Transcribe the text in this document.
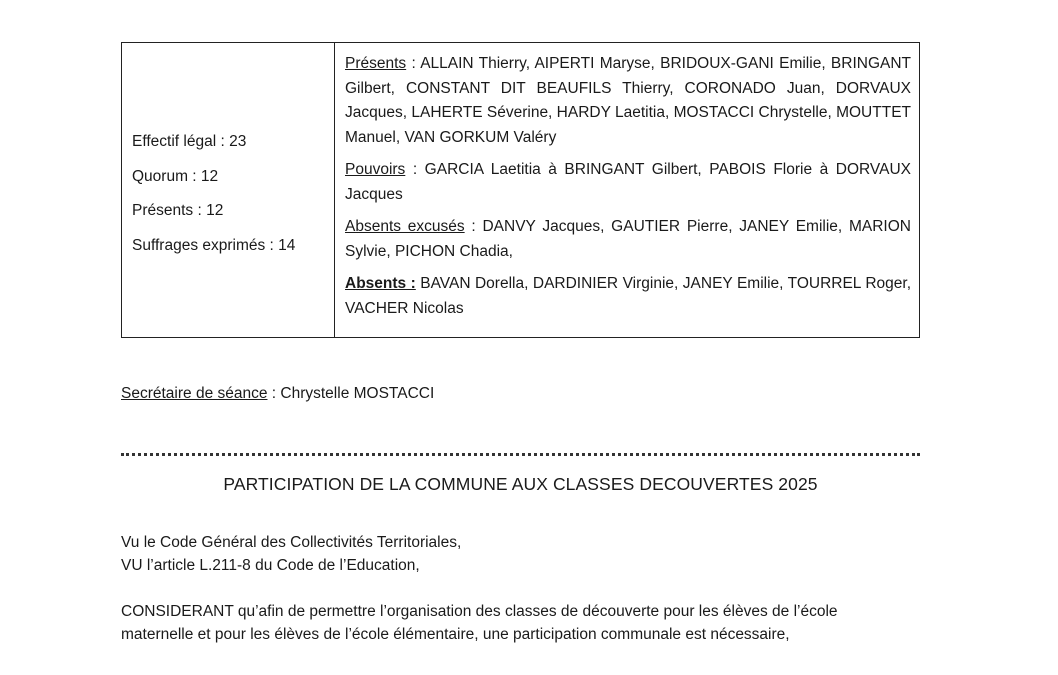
Effectif légal : 23
Quorum : 12
Présents : 12
Suffrages exprimés : 14

Présents : ALLAIN Thierry, AIPERTI Maryse, BRIDOUX-GANI Emilie, BRINGANT Gilbert, CONSTANT DIT BEAUFILS Thierry, CORONADO Juan, DORVAUX Jacques, LAHERTE Séverine, HARDY Laetitia, MOSTACCI Chrystelle, MOUTTET Manuel, VAN GORKUM Valéry

Pouvoirs : GARCIA Laetitia à BRINGANT Gilbert, PABOIS Florie à DORVAUX Jacques

Absents excusés : DANVY Jacques, GAUTIER Pierre, JANEY Emilie, MARION Sylvie, PICHON Chadia,

Absents : BAVAN Dorella, DARDINIER Virginie, JANEY Emilie, TOURREL Roger, VACHER Nicolas

Secrétaire de séance : Chrystelle MOSTACCI
PARTICIPATION DE LA COMMUNE AUX CLASSES DECOUVERTES 2025

Vu le Code Général des Collectivités Territoriales,
VU l’article L.211-8 du Code de l’Education,

CONSIDERANT qu’afin de permettre l’organisation des classes de découverte pour les élèves de l’école maternelle et pour les élèves de l’école élémentaire, une participation communale est nécessaire,
